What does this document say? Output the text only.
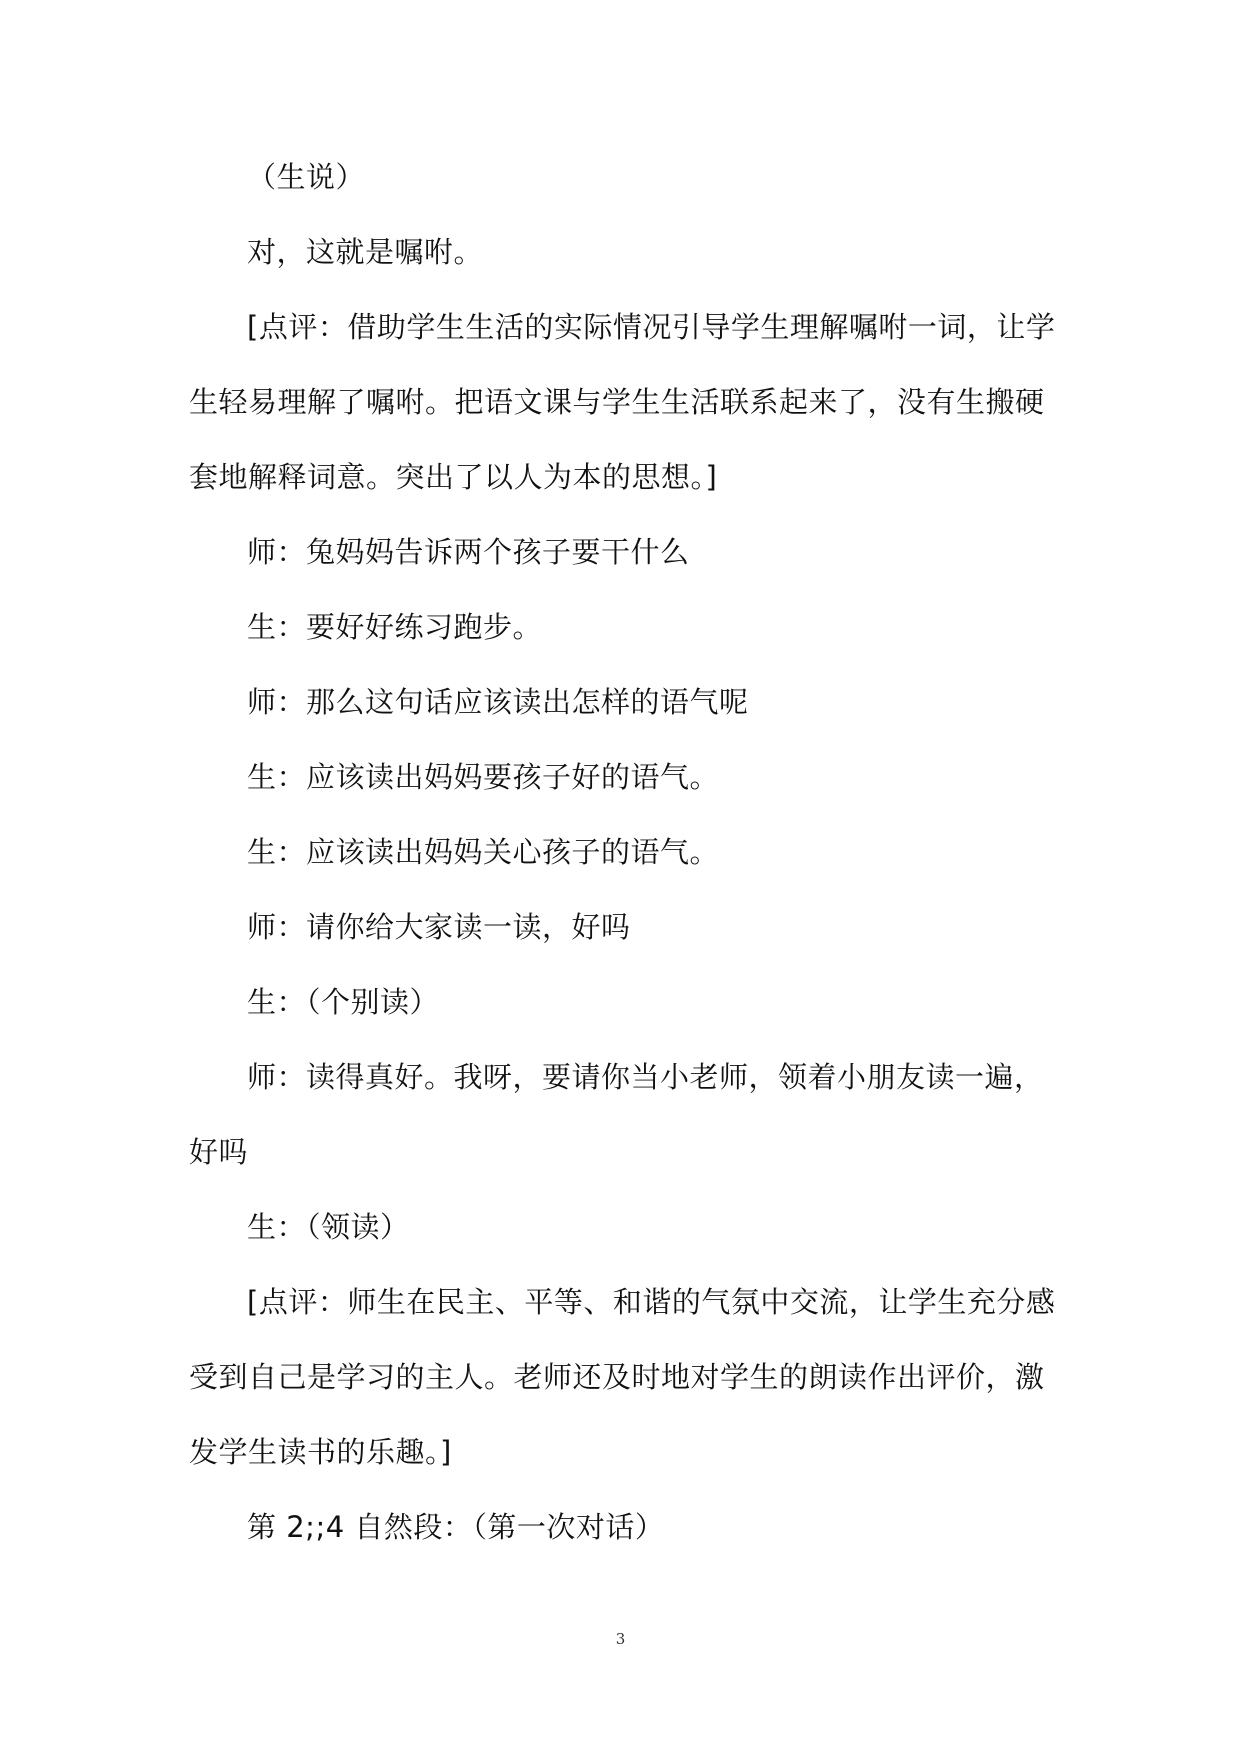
（生说）

对，这就是嘱咐。

[点评：借助学生生活的实际情况引导学生理解嘱咐一词，让学生轻易理解了嘱咐。把语文课与学生生活联系起来了，没有生搬硬套地解释词意。突出了以人为本的思想。]

师：兔妈妈告诉两个孩子要干什么

生：要好好练习跑步。

师：那么这句话应该读出怎样的语气呢

生：应该读出妈妈要孩子好的语气。

生：应该读出妈妈关心孩子的语气。

师：请你给大家读一读，好吗

生：（个别读）

师：读得真好。我呀，要请你当小老师，领着小朋友读一遍，好吗

生：（领读）

[点评：师生在民主、平等、和谐的气氛中交流，让学生充分感受到自己是学习的主人。老师还及时地对学生的朗读作出评价，激发学生读书的乐趣。]

第 2;;4 自然段：（第一次对话）

3
